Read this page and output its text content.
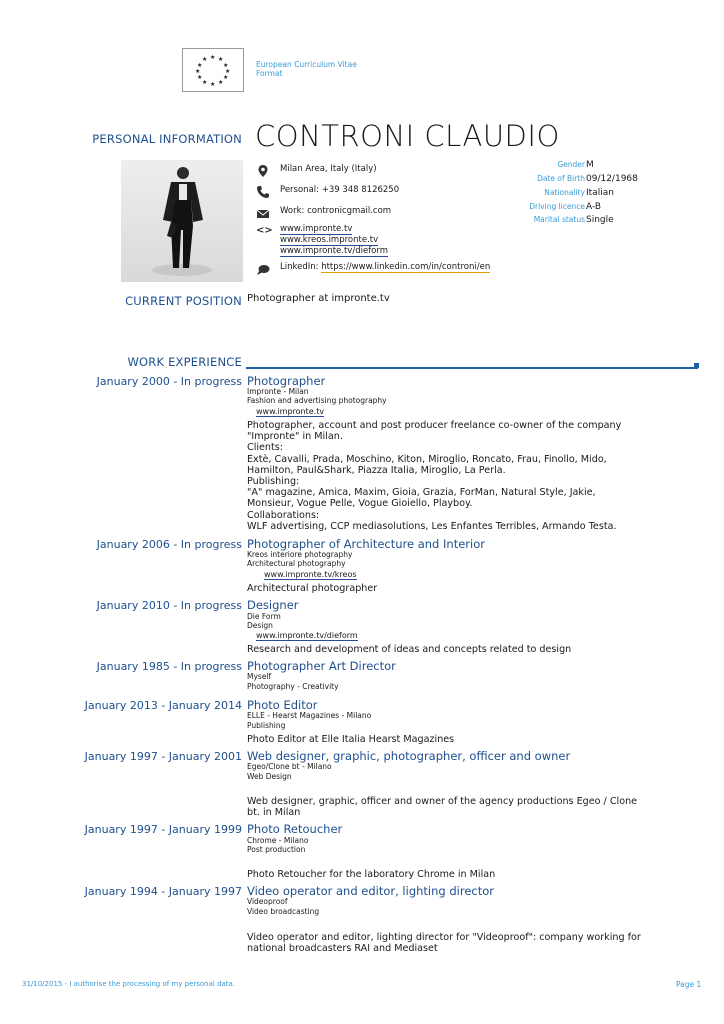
★ ★
★
★
★
★
★
★
★
★
★
★
European Curriculum Vitae
Format
PERSONAL INFORMATION CONTRONI CLAUDIO
Milan Area, Italy (Italy)
Personal: +39 348 8126250
Work: contronicgmail.com
<> www.impronte.tv
www.kreos.impronte.tv
www.impronte.tv/dieform
LinkedIn: https://www.linkedin.com/in/controni/en
Gender M
Date of Birth 09/12/1968
Nationality Italian
Driving licence A-B
Marital status Single
CURRENT POSITION Photographer at impronte.tv
WORK EXPERIENCE
January 2000 - In progress Photographer
Impronte - Milan
Fashion and advertising photography
www.impronte.tv
Photographer, account and post producer freelance co-owner of the company "Impronte" in Milan.
Clients:
Extè, Cavalli, Prada, Moschino, Kiton, Miroglio, Roncato, Frau, Finollo, Mido, Hamilton, Paul&Shark, Piazza Italia, Miroglio, La Perla.
Publishing:
"A" magazine, Amica, Maxim, Gioia, Grazia, ForMan, Natural Style, Jakie, Monsieur, Vogue Pelle, Vogue Gioiello, Playboy.
Collaborations:
WLF advertising, CCP mediasolutions, Les Enfantes Terribles, Armando Testa.
January 2006 - In progress Photographer of Architecture and Interior
Kreos interiore photography
Architectural photography
www.impronte.tv/kreos
Architectural photographer
January 2010 - In progress Designer
Die Form
Design
www.impronte.tv/dieform
Research and development of ideas and concepts related to design
January 1985 - In progress Photographer Art Director
Myself
Photography - Creativity
January 2013 - January 2014 Photo Editor
ELLE - Hearst Magazines - Milano
Publishing
Photo Editor at Elle Italia Hearst Magazines
January 1997 - January 2001 Web designer, graphic, photographer, officer and owner
Egeo/Clone bt - Milano
Web Design
Web designer, graphic, officer and owner of the agency productions Egeo / Clone bt. in Milan
January 1997 - January 1999 Photo Retoucher
Chrome - Milano
Post production
Photo Retoucher for the laboratory Chrome in Milan
January 1994 - January 1997 Video operator and editor, lighting director
Videoproof
Video broadcasting
Video operator and editor, lighting director for "Videoproof": company working for national broadcasters RAI and Mediaset
31/10/2015 - I authorise the processing of my personal data.	Page 1
